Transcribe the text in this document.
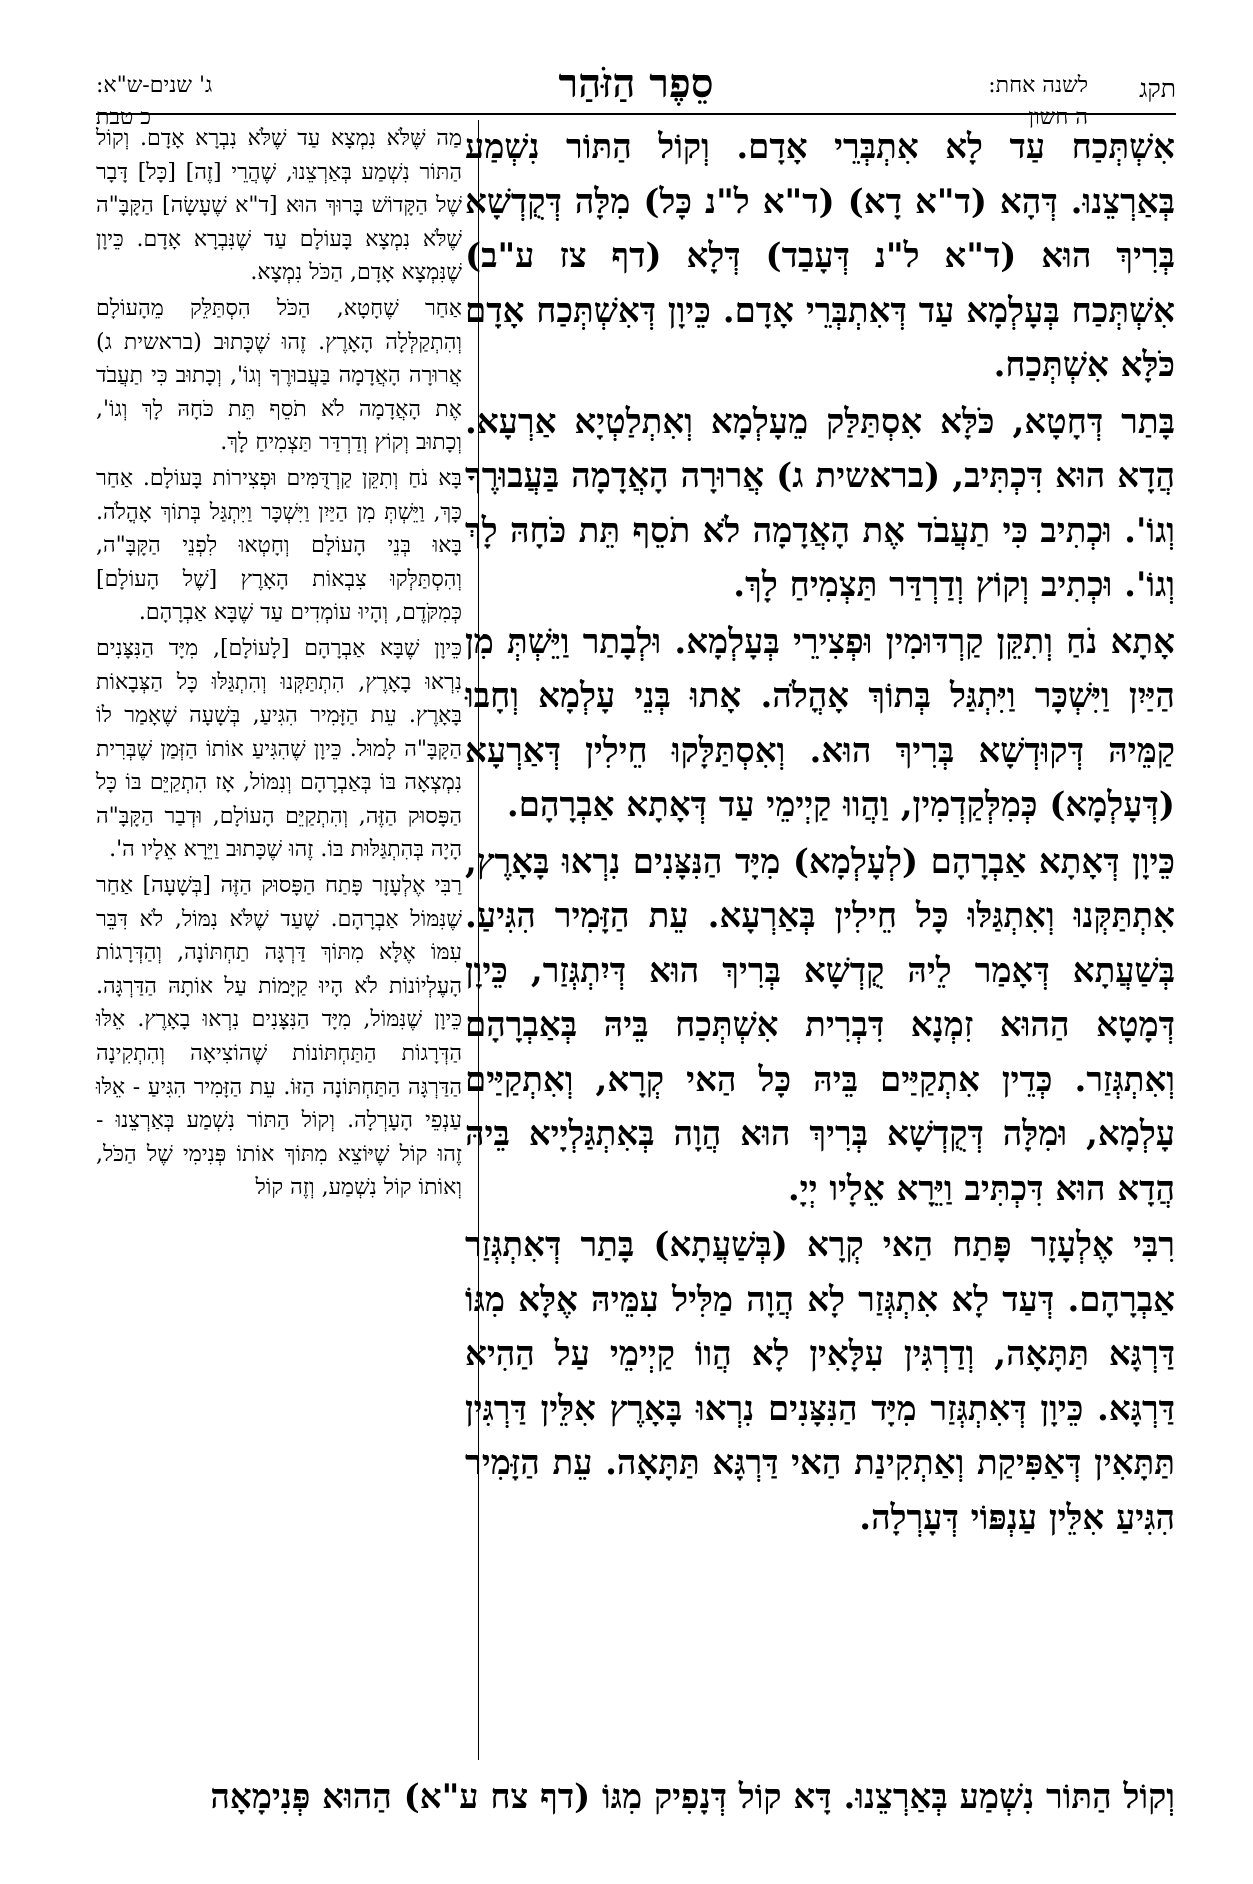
תקג
לשנה אחת:
ה חשון
סֵפֶר הַזֹּהַר
ג' שנים-ש"א:
כ טבת

אִשְׁתְּכַח עַד לָא אִתְבְּרֵי אָדָם. וְקוֹל הַתּוֹר נִשְׁמַע בְּאַרְצֵנוּ. דְּהָא (ד"א דָא) (ד"א ל"נ כָּל) מִלָּה דְּקֻדְשָׁא בְּרִיךְ הוּא (ד"א ל"נ דְּעָבַד) דְּלָא (דף צז ע"ב) אִשְׁתְּכַח בְּעָלְמָא עַד דְּאִתְבְּרֵי אָדָם. כֵּיוָן דְּאִשְׁתְּכַח אָדָם כֹּלָּא אִשְׁתְּכַח.

בָּתַר דְּחָטָא, כֹּלָּא אִסְתַּלַּק מֵעָלְמָא וְאִתְלַטְיָא אַרְעָא. הֲדָא הוּא דִּכְתִּיב, (בראשית ג) אֲרוּרָה הָאֲדָמָה בַּעֲבוּרֶךָ וְגוֹ'. וּכְתִיב כִּי תַעֲבֹד אֶת הָאֲדָמָה לֹא תֹסֵף תֵּת כֹּחָהּ לָךְ וְגוֹ'. וּכְתִיב וְקוֹץ וְדַרְדַּר תַּצְמִיחַ לָךְ.

אָתָא נֹחַ וְתִקֵּן קַרְדּוּמִין וּפְצִירֵי בְּעָלְמָא. וּלְבָתַר וַיֵּשְׁתְּ מִן הַיַּיִן וַיִּשְׁכָּר וַיִּתְגַּל בְּתוֹךְ אָהֳלֹה. אָתוּ בְּנֵי עָלְמָא וְחָבוּ קַמֵּיהּ דְּקוּדְשָׁא בְּרִיךְ הוּא. וְאִסְתַּלָּקוּ חֵילִין דְּאַרְעָא (דְּעָלְמָא) כְּמִלְּקַדְמִין, וַהֲווּ קַיְימֵי עַד דְּאָתָא אַבְרָהָם.

כֵּיוָן דְּאָתָא אַבְרָהָם (לְעָלְמָא) מִיָּד הַנִּצָּנִים נִרְאוּ בָּאָרֶץ, אִתְתַּקְּנוּ וְאִתְגַּלּוּ כָּל חֵילִין בְּאַרְעָא. עֵת הַזָּמִיר הִגִּיעַ. בְּשַׁעֲתָא דְּאָמַר לֵיהּ קֻדְשָׁא בְּרִיךְ הוּא דְּיִתְגְּזַר, כֵּיוָן דְּמָטָא הַהוּא זִמְנָא דִּבְרִית אִשְׁתְּכַח בֵּיהּ בְּאַבְרָהָם וְאִתְגְּזַר. כְּדֵין אִתְקַיַּים בֵּיהּ כָּל הַאי קְרָא, וְאִתְקַיַּים עָלְמָא, וּמִלָּה דְּקֻדְשָׁא בְּרִיךְ הוּא הֲוָה בְּאִתְגַּלְיָיא בֵּיהּ הֲדָא הוּא דִּכְתִּיב וַיֵּרָא אֵלָיו יְיָ.

רִבִּי אֶלְעָזָר פָּתַח הַאי קְרָא (בְּשַׁעֲתָא) בָּתַר דְּאִתְגְּזַר אַבְרָהָם. דְּעַד לָא אִתְגְּזַר לָא הֲוָה מַלִּיל עִמֵּיהּ אֶלָּא מִגּוֹ דַּרְגָּא תַּתָּאָה, וְדַרְגִּין עִלָּאִין לָא הֲווֹ קַיְימֵי עַל הַהִיא דַּרְגָּא. כֵּיוָן דְּאִתְגְּזַר מִיָּד הַנִּצָּנִים נִרְאוּ בָּאָרֶץ אִלֵּין דַּרְגִּין תַּתָּאִין דְּאַפִּיקַת וְאַתְקִינַת הַאי דַּרְגָּא תַּתָּאָה. עֵת הַזָּמִיר הִגִּיעַ אִלֵּין עַנְפּוֹי דְּעָרְלָה.

מַה שֶּׁלֹּא נִמְצָא עַד שֶׁלֹּא נִבְרָא אָדָם. וְקוֹל הַתּוֹר נִשְׁמַע בְּאַרְצֵנוּ, שֶׁהֲרֵי [זֶה] [כָּל] דָּבָר שֶׁל הַקָּדוֹשׁ בָּרוּךְ הוּא [ד"א שֶׁעָשָׂה] הַקָּבָּ"ה שֶׁלֹּא נִמְצָא בָּעוֹלָם עַד שֶׁנִּבְרָא אָדָם. כֵּיוָן שֶׁנִּמְצָא אָדָם, הַכֹּל נִמְצָא.

אַחַר שֶׁחָטָא, הַכֹּל הִסְתַּלֵּק מֵהָעוֹלָם וְהִתְקַלְּלָה הָאָרֶץ. זֶהוּ שֶׁכָּתוּב (בראשית ג) אֲרוּרָה הָאֲדָמָה בַּעֲבוּרֶךָ וְגוֹ', וְכָתוּב כִּי תַעֲבֹד אֶת הָאֲדָמָה לֹא תֹסֵף תֵּת כֹּחָהּ לָךְ וְגוֹ', וְכָתוּב וְקוֹץ וְדַרְדַּר תַּצְמִיחַ לָךְ.

בָּא נֹחַ וְתִקֵּן קַרְדֻּמִּים וּפְצִירוֹת בָּעוֹלָם. אַחַר כָּךְ, וַיֵּשְׁתְּ מִן הַיַּיִן וַיִּשְׁכָּר וַיִּתְגַּל בְּתוֹךְ אָהֳלֹה. בָּאוּ בְּנֵי הָעוֹלָם וְחָטְאוּ לִפְנֵי הַקָּבָּ"ה, וְהִסְתַּלְּקוּ צִבְאוֹת הָאָרֶץ [שֶׁל הָעוֹלָם] כְּמִקֹּדֶם, וְהָיוּ עוֹמְדִים עַד שֶׁבָּא אַבְרָהָם.

כֵּיוָן שֶׁבָּא אַבְרָהָם [לָעוֹלָם], מִיָּד הַנִּצָּנִים נִרְאוּ בָאָרֶץ, הִתְתַּקְּנוּ וְהִתְגַּלּוּ כָּל הַצְּבָאוֹת בָּאָרֶץ. עֵת הַזָּמִיר הִגִּיעַ, בְּשָׁעָה שֶׁאָמַר לוֹ הַקָּבָּ"ה לָמוּל. כֵּיוָן שֶׁהִגִּיעַ אוֹתוֹ הַזְּמַן שֶׁבְּרִית נִמְצְאָה בּוֹ בְּאַבְרָהָם וְנִמּוֹל, אָז הִתְקַיֵּם בּוֹ כָּל הַפָּסוּק הַזֶּה, וְהִתְקַיֵּם הָעוֹלָם, וּדְבַר הַקָּבָּ"ה הָיָה בְּהִתְגַּלּוּת בּוֹ. זֶהוּ שֶׁכָּתוּב וַיֵּרָא אֵלָיו ה'.

רַבִּי אֶלְעָזָר פָּתַח הַפָּסוּק הַזֶּה [בְּשָׁעָה] אַחַר שֶׁנִּמּוֹל אַבְרָהָם. שֶׁעַד שֶׁלֹּא נִמּוֹל, לֹא דִּבֵּר עִמּוֹ אֶלָּא מִתּוֹךְ דַּרְגָּה תַחְתּוֹנָה, וְהַדְּרָגוֹת הָעֶלְיוֹנוֹת לֹא הָיוּ קַיָּמוֹת עַל אוֹתָהּ הַדַּרְגָּה. כֵּיוָן שֶׁנִּמּוֹל, מִיָּד הַנִּצָּנִים נִרְאוּ בָאָרֶץ. אֵלּוּ הַדְּרָגוֹת הַתַּחְתּוֹנוֹת שֶׁהוֹצִיאָה וְהִתְקִינָה הַדַּרְגָּה הַתַּחְתּוֹנָה הַזּוֹ. עֵת הַזָּמִיר הִגִּיעַ - אֵלּוּ עַנְפֵי הָעָרְלָה. וְקוֹל הַתּוֹר נִשְׁמַע בְּאַרְצֵנוּ - זֶהוּ קוֹל שֶׁיּוֹצֵא מִתּוֹךְ אוֹתוֹ פְּנִימִי שֶׁל הַכֹּל, וְאוֹתוֹ קוֹל נִשְׁמַע, וְזֶה קוֹל

וְקוֹל הַתּוֹר נִשְׁמַע בְּאַרְצֵנוּ. דָּא קוֹל דְּנָפִיק מִגּוֹ (דף צח ע"א) הַהוּא פְּנִימָאָה
